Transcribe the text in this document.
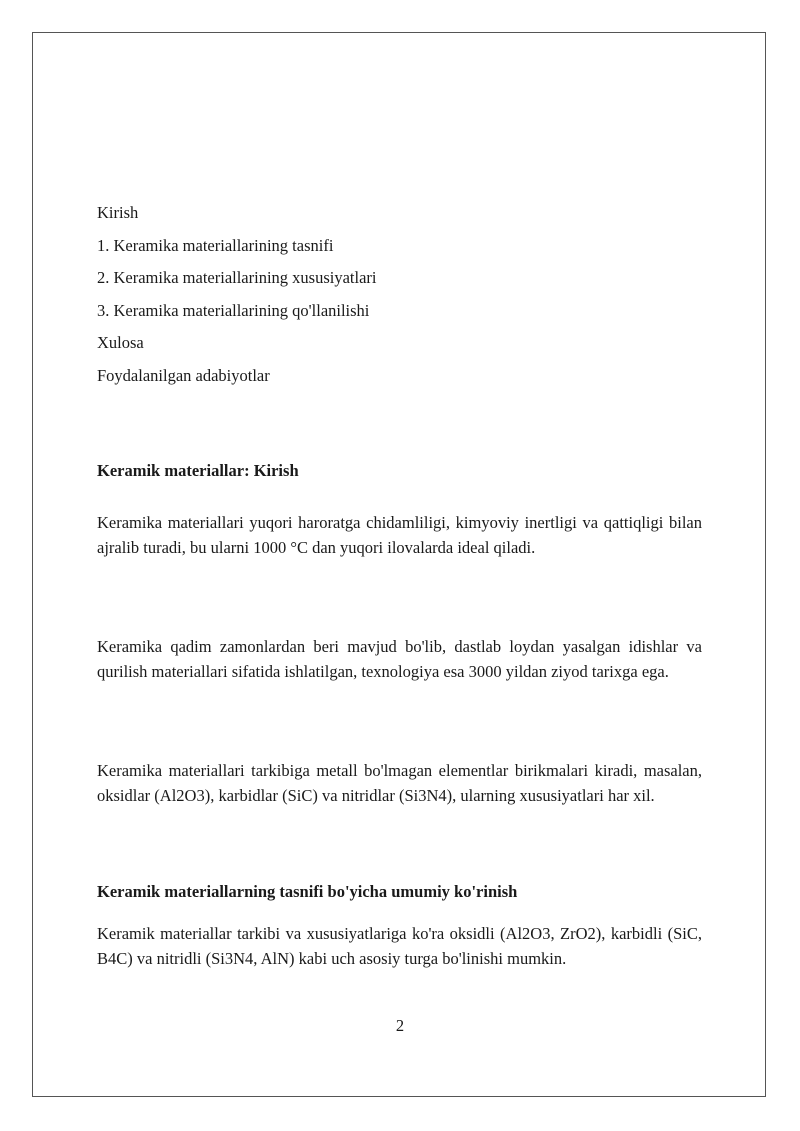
Kirish
1. Keramika materiallarining tasnifi
2. Keramika materiallarining xususiyatlari
3. Keramika materiallarining qo'llanilishi
Xulosa
Foydalanilgan adabiyotlar
Keramik materiallar: Kirish
Keramika materiallari yuqori haroratga chidamliligi, kimyoviy inertligi va qattiqligi bilan ajralib turadi, bu ularni 1000 °C dan yuqori ilovalarda ideal qiladi.
Keramika qadim zamonlardan beri mavjud bo'lib, dastlab loydan yasalgan idishlar va qurilish materiallari sifatida ishlatilgan, texnologiya esa 3000 yildan ziyod tarixga ega.
Keramika materiallari tarkibiga metall bo'lmagan elementlar birikmalari kiradi, masalan, oksidlar (Al2O3), karbidlar (SiC) va nitridlar (Si3N4), ularning xususiyatlari har xil.
Keramik materiallarning tasnifi bo'yicha umumiy ko'rinish
Keramik materiallar tarkibi va xususiyatlariga ko'ra oksidli (Al2O3, ZrO2), karbidli (SiC, B4C) va nitridli (Si3N4, AlN) kabi uch asosiy turga bo'linishi mumkin.
2
